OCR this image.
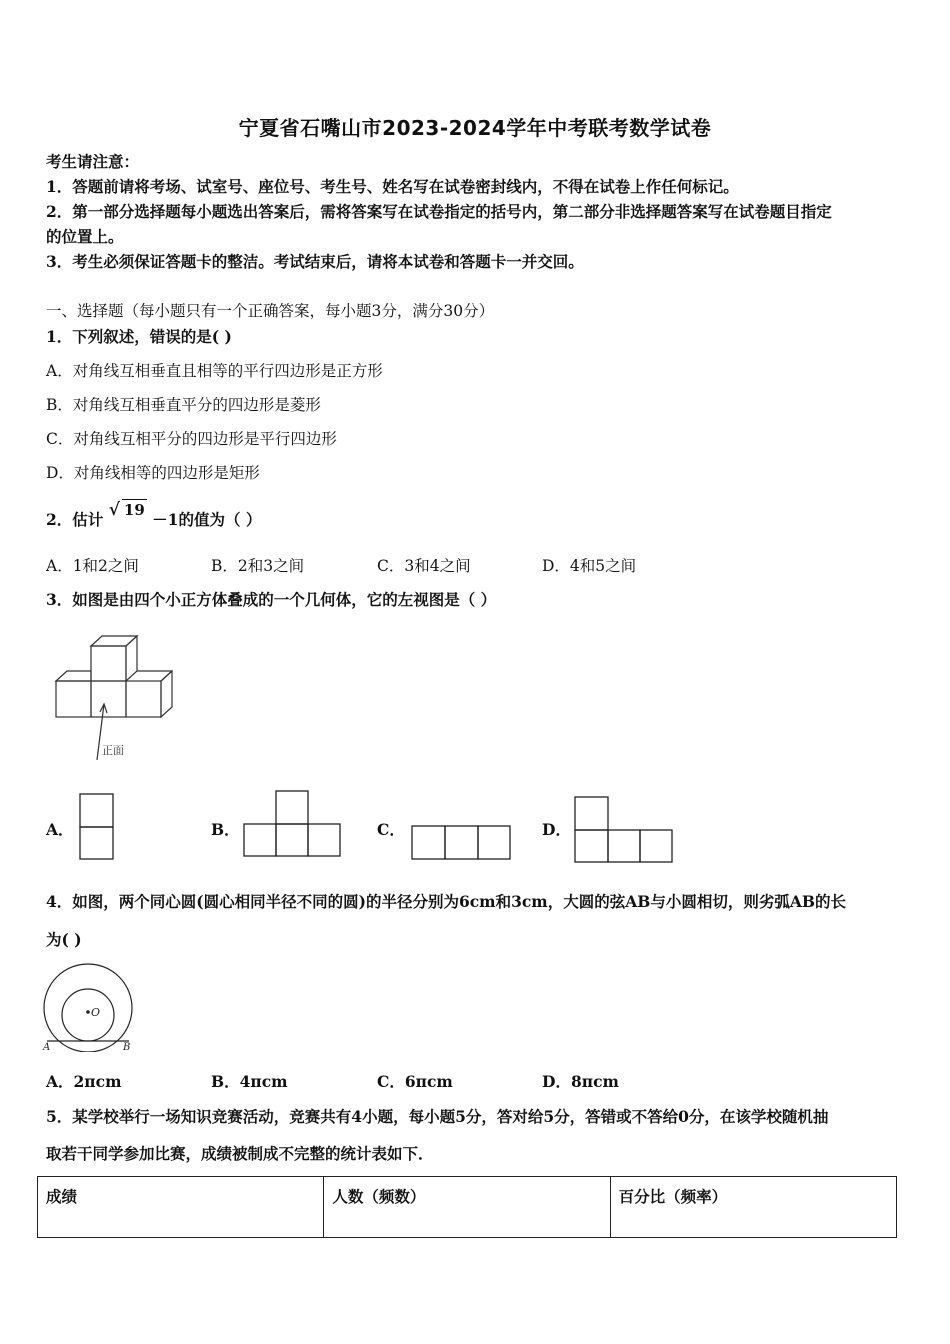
宁夏省石嘴山市2023-2024学年中考联考数学试卷
考生请注意：
1．答题前请将考场、试室号、座位号、考生号、姓名写在试卷密封线内，不得在试卷上作任何标记。
2．第一部分选择题每小题选出答案后，需将答案写在试卷指定的括号内，第二部分非选择题答案写在试卷题目指定
的位置上。
3．考生必须保证答题卡的整洁。考试结束后，请将本试卷和答题卡一并交回。
一、选择题（每小题只有一个正确答案，每小题3分，满分30分）
1．下列叙述，错误的是( )
A．对角线互相垂直且相等的平行四边形是正方形
B．对角线互相垂直平分的四边形是菱形
C．对角线互相平分的四边形是平行四边形
D．对角线相等的四边形是矩形
2．估计 √ 19 －1的值为（ ）
A．1和2之间	B．2和3之间	C．3和4之间	D．4和5之间
3．如图是由四个小正方体叠成的一个几何体，它的左视图是（ ）
正面
A．	B．	C．	D．
4．如图，两个同心圆(圆心相同半径不同的圆)的半径分别为6cm和3cm，大圆的弦AB与小圆相切，则劣弧AB的长
为( )
O
A	B
A．2πcm	B．4πcm	C．6πcm	D．8πcm
5．某学校举行一场知识竞赛活动，竞赛共有4小题，每小题5分，答对给5分，答错或不答给0分，在该学校随机抽
取若干同学参加比赛，成绩被制成不完整的统计表如下．
成绩	人数（频数）	百分比（频率）
